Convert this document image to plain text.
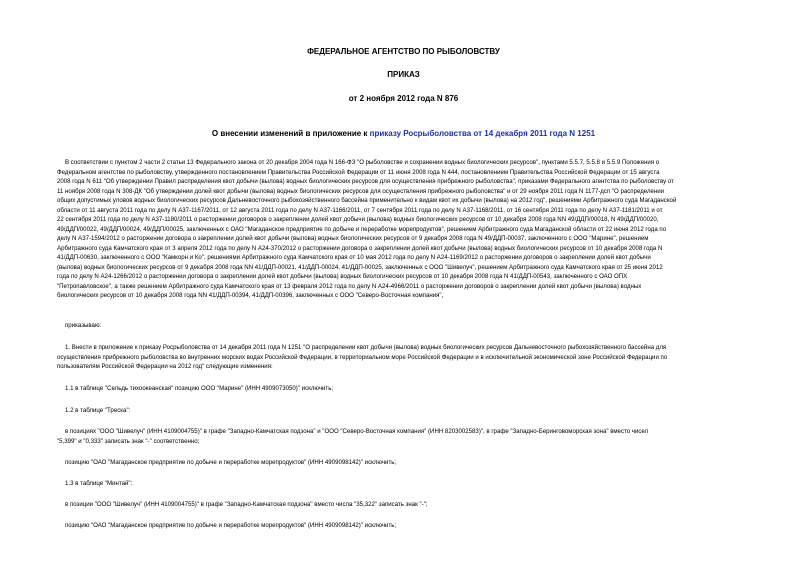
ФЕДЕРАЛЬНОЕ АГЕНТСТВО ПО РЫБОЛОВСТВУ
ПРИКАЗ
от 2 ноября 2012 года N 876
О внесении изменений в приложение к приказу Росрыболовства от 14 декабря 2011 года N 1251
В соответствии с пунктом 2 части 2 статьи 13 Федерального закона от 20 декабря 2004 года N 166-ФЗ "О рыболовстве и сохранении водных биологических ресурсов", пунктами 5.5.7, 5.5.8 и 5.5.9 Положения о
Федеральном агентстве по рыболовству, утвержденного постановлением Правительства Российской Федерации от 11 июня 2008 года N 444, постановлением Правительства Российской Федерации от 15 августа
2008 года N 611 "Об утверждении Правил распределения квот добычи (вылова) водных биологических ресурсов для осуществления прибрежного рыболовства", приказами Федерального агентства по рыболовству от
11 ноября 2008 года N 308-ДК "Об утверждении долей квот добычи (вылова) водных биологических ресурсов для осуществления прибрежного рыболовства" и от 29 ноября 2011 года N 1177-дсп "О распределении
общих допустимых уловов водных биологических ресурсов Дальневосточного рыбохозяйственного бассейна применительно к видам квот их добычи (вылова) на 2012 год", решениями Арбитражного суда Магаданской
области от 11 августа 2011 года по делу N А37-1167/2011, от 12 августа 2011 года по делу N А37-1166/2011, от 7 сентября 2011 года по делу N А37-1168/2011, от 16 сентября 2011 года по делу N А37-1181/2011 и от
22 сентября 2011 года по делу N А37-1180/2011 о расторжении договоров о закреплении долей квот добычи (вылова) водных биологических ресурсов от 10 декабря 2008 года NN 49/ДДП/00018, N 49/ДДП/00020,
49/ДДП/00022, 49/ДДП/00024, 49/ДДП/00025, заключенных с ОАО "Магаданское предприятие по добыче и переработке морепродуктов", решением Арбитражного суда Магаданской области от 22 июня 2012 года по
делу N А37-1594/2012 о расторжении договора о закреплении долей квот добычи (вылова) водных биологических ресурсов от 9 декабря 2008 года N 49/ДДП-00037, заключенного с ООО "Марине", решением
Арбитражного суда Камчатского края от 3 апреля 2012 года по делу N А24-370/2012 о расторжении договора о закреплении долей квот добычи (вылова) водных биологических ресурсов от 10 декабря 2008 года N
41/ДДП-00630, заключенного с ООО "Камкорн и Ко", решениями Арбитражного суда Камчатского края от 10 мая 2012 года по делу N А24-1169/2012 о расторжении договоров о закреплении долей квот добычи
(вылова) водных биологических ресурсов от 9 декабря 2008 года NN 41/ДДП-00021, 41/ДДП-00024, 41/ДДП-00025, заключенных с ООО "Шивелуч", решением Арбитражного суда Камчатского края от 25 июня 2012
года по делу N А24-1266/2012 о расторжении договора о закреплении долей квот добычи (вылова) водных биологических ресурсов от 10 декабря 2008 года N 41/ДДП-00543, заключенного с ОАО ОПХ
"Петропавловское", а также решением Арбитражного суда Камчатского края от 13 февраля 2012 года по делу N А24-4966/2011 о расторжении договоров о закреплении долей квот добычи (вылова) водных
биологических ресурсов от 10 декабря 2008 года NN 41/ДДП-00394, 41/ДДП-00396, заключенных с ООО "Северо-Восточная компания",
приказываю:
1. Внести в приложение к приказу Росрыболовства от 14 декабря 2011 года N 1251 "О распределении квот добычи (вылова) водных биологических ресурсов Дальневосточного рыбохозяйственного бассейна для
осуществления прибрежного рыболовства во внутренних морских водах Российской Федерации, в территориальном море Российской Федерации и в исключительной экономической зоне Российской Федерации по
пользователям Российской Федерации на 2012 год" следующие изменения:
1.1 в таблице "Сельдь тихоокеанская" позицию ООО "Марине" (ИНН 4909073050)" исключить;
1.2 в таблице "Треска":
в позициях "ООО "Шивелуч" (ИНН 4109004755)" в графе "Западно-Камчатская подзона" и "ООО "Северо-Восточная компания" (ИНН 8203002583)", в графе "Западно-Беринговоморская зона" вместо чисел
"5,399" и "0,333" записать знак "-" соответственно;
позицию "ОАО "Магаданское предприятие по добыче и переработке морепродуктов" (ИНН 4909098142)" исключить;
1.3 в таблице "Минтай":
в позиции "ООО "Шивелуч" (ИНН 4109004755)" в графе "Западно-Камчатская подзона" вместо числа "35,322" записать знак "-";
позицию "ОАО "Магаданское предприятие по добыче и переработке морепродуктов" (ИНН 4909098142)" исключить;
